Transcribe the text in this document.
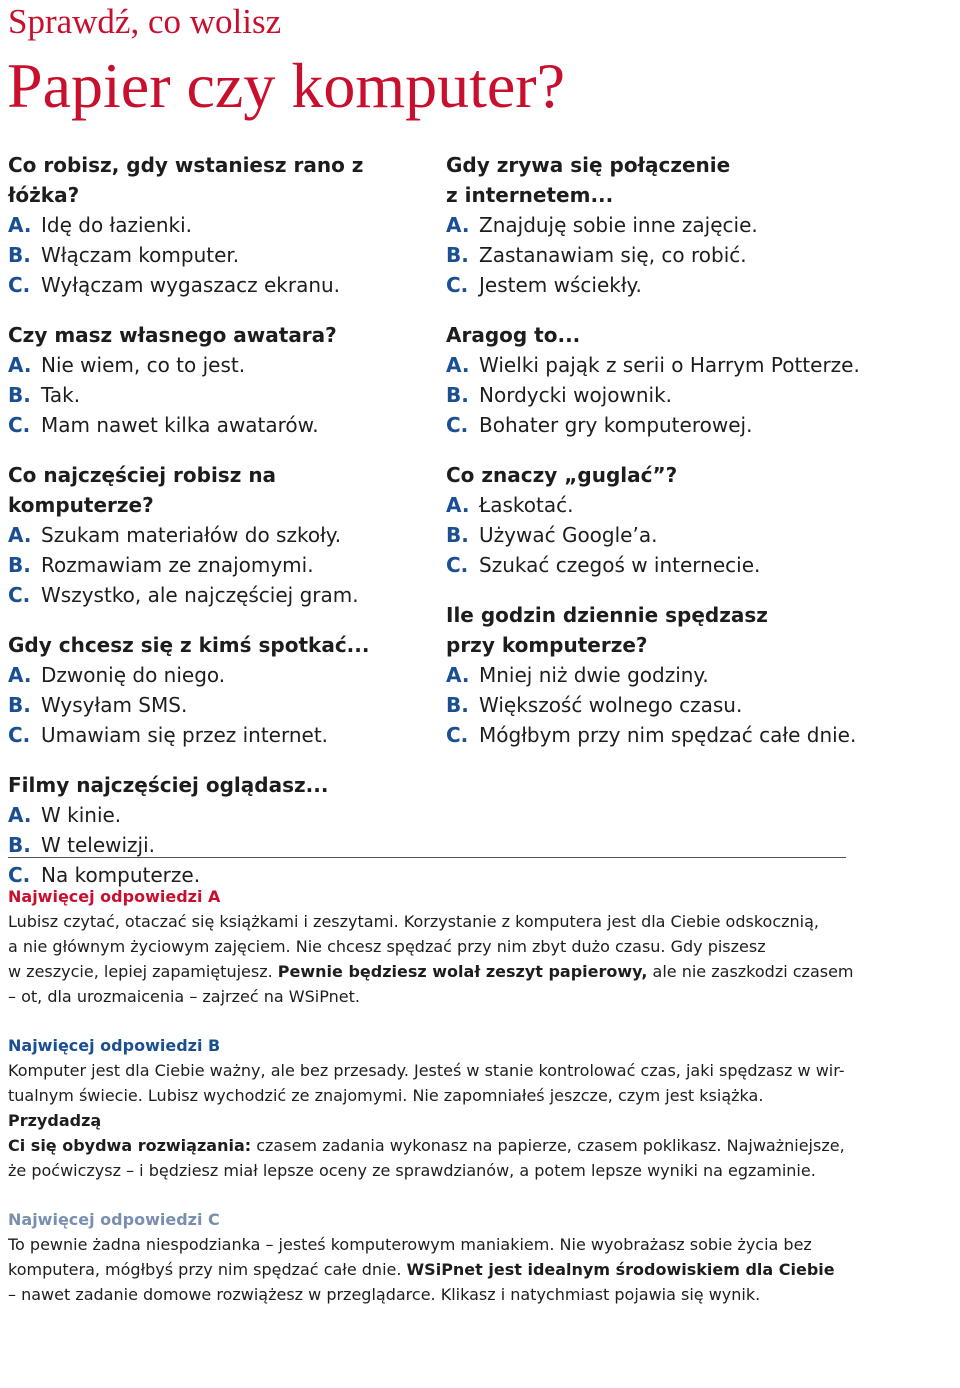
Sprawdź, co wolisz
Papier czy komputer?
Co robisz, gdy wstaniesz rano z łóżka?
A. Idę do łazienki.
B. Włączam komputer.
C. Wyłączam wygaszacz ekranu.
Czy masz własnego awatara?
A. Nie wiem, co to jest.
B. Tak.
C. Mam nawet kilka awatarów.
Co najczęściej robisz na komputerze?
A. Szukam materiałów do szkoły.
B. Rozmawiam ze znajomymi.
C. Wszystko, ale najczęściej gram.
Gdy chcesz się z kimś spotkać...
A. Dzwonię do niego.
B. Wysyłam SMS.
C. Umawiam się przez internet.
Filmy najczęściej oglądasz...
A. W kinie.
B. W telewizji.
C. Na komputerze.
Gdy zrywa się połączenie
z internetem...
A. Znajduję sobie inne zajęcie.
B. Zastanawiam się, co robić.
C. Jestem wściekły.
Aragog to...
A. Wielki pająk z serii o Harrym Potterze.
B. Nordycki wojownik.
C. Bohater gry komputerowej.
Co znaczy „guglać”?
A. Łaskotać.
B. Używać Google’a.
C. Szukać czegoś w internecie.
Ile godzin dziennie spędzasz
przy komputerze?
A. Mniej niż dwie godziny.
B. Większość wolnego czasu.
C. Mógłbym przy nim spędzać całe dnie.
Najwięcej odpowiedzi A
Lubisz czytać, otaczać się książkami i zeszytami. Korzystanie z komputera jest dla Ciebie odskocznią,
a nie głównym życiowym zajęciem. Nie chcesz spędzać przy nim zbyt dużo czasu. Gdy piszesz
w zeszycie, lepiej zapamiętujesz. Pewnie będziesz wolał zeszyt papierowy, ale nie zaszkodzi czasem
– ot, dla urozmaicenia – zajrzeć na WSiPnet.
Najwięcej odpowiedzi B
Komputer jest dla Ciebie ważny, ale bez przesady. Jesteś w stanie kontrolować czas, jaki spędzasz w wir-
tualnym świecie. Lubisz wychodzić ze znajomymi. Nie zapomniałeś jeszcze, czym jest książka. Przydadzą
Ci się obydwa rozwiązania: czasem zadania wykonasz na papierze, czasem poklikasz. Najważniejsze,
że poćwiczysz – i będziesz miał lepsze oceny ze sprawdzianów, a potem lepsze wyniki na egzaminie.
Najwięcej odpowiedzi C
To pewnie żadna niespodzianka – jesteś komputerowym maniakiem. Nie wyobrażasz sobie życia bez
komputera, mógłbyś przy nim spędzać całe dnie. WSiPnet jest idealnym środowiskiem dla Ciebie
– nawet zadanie domowe rozwiążesz w przeglądarce. Klikasz i natychmiast pojawia się wynik.
